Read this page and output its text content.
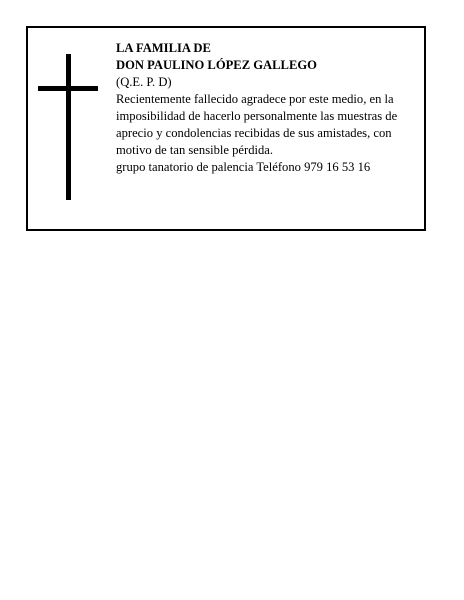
LA FAMILIA DE
DON PAULINO LÓPEZ GALLEGO
(Q.E. P. D)
Recientemente fallecido agradece por este medio, en la imposibilidad de hacerlo personalmente las muestras de aprecio y condolencias recibidas de sus amistades, con motivo de tan sensible pérdida.
grupo tanatorio de palencia Teléfono 979 16 53 16
